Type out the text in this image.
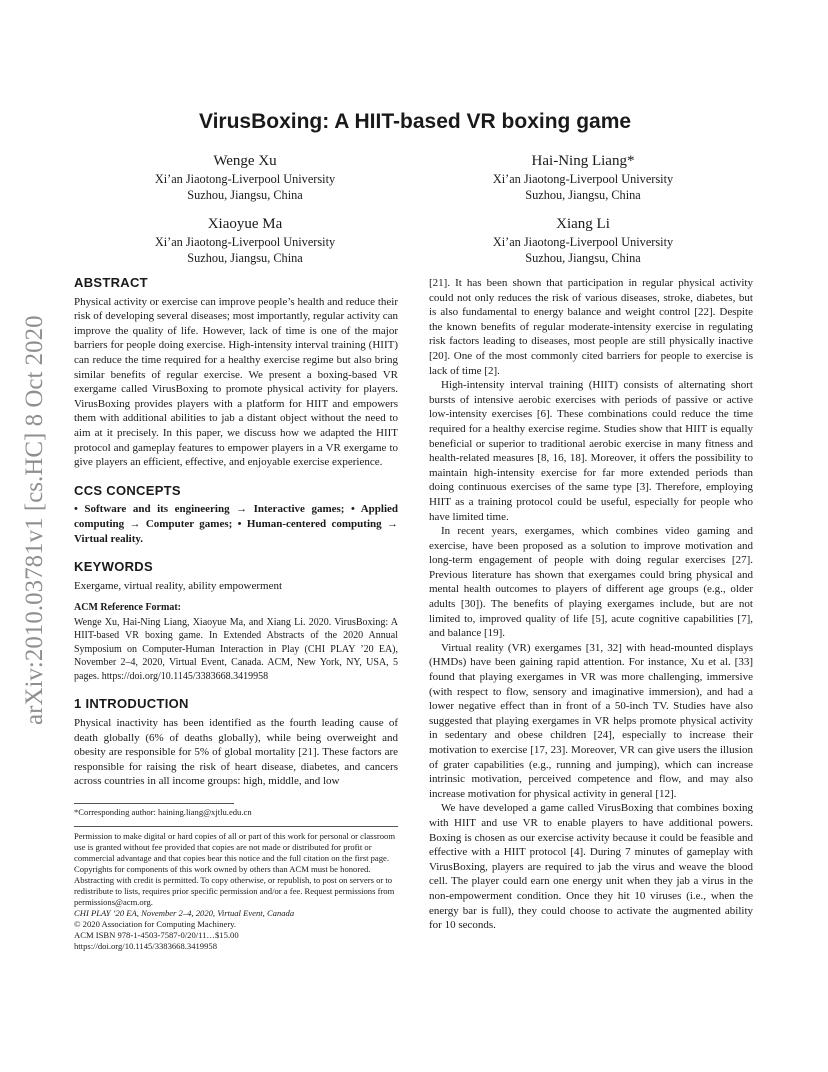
arXiv:2010.03781v1 [cs.HC] 8 Oct 2020
VirusBoxing: A HIIT-based VR boxing game
Wenge Xu
Xi’an Jiaotong-Liverpool University
Suzhou, Jiangsu, China
Hai-Ning Liang*
Xi’an Jiaotong-Liverpool University
Suzhou, Jiangsu, China
Xiaoyue Ma
Xi’an Jiaotong-Liverpool University
Suzhou, Jiangsu, China
Xiang Li
Xi’an Jiaotong-Liverpool University
Suzhou, Jiangsu, China
ABSTRACT

Physical activity or exercise can improve people’s health and reduce their risk of developing several diseases; most importantly, regular activity can improve the quality of life. However, lack of time is one of the major barriers for people doing exercise. High-intensity interval training (HIIT) can reduce the time required for a healthy exercise regime but also bring similar benefits of regular exercise. We present a boxing-based VR exergame called VirusBoxing to promote physical activity for players. VirusBoxing provides players with a platform for HIIT and empowers them with additional abilities to jab a distant object without the need to aim at it precisely. In this paper, we discuss how we adapted the HIIT protocol and gameplay features to empower players in a VR exergame to give players an efficient, effective, and enjoyable exercise experience.

CCS CONCEPTS

• Software and its engineering → Interactive games; • Applied computing → Computer games; • Human-centered computing → Virtual reality.

KEYWORDS

Exergame, virtual reality, ability empowerment

ACM Reference Format:

Wenge Xu, Hai-Ning Liang, Xiaoyue Ma, and Xiang Li. 2020. VirusBoxing: A HIIT-based VR boxing game. In Extended Abstracts of the 2020 Annual Symposium on Computer-Human Interaction in Play (CHI PLAY ’20 EA), November 2–4, 2020, Virtual Event, Canada. ACM, New York, NY, USA, 5 pages. https://doi.org/10.1145/3383668.3419958

1 INTRODUCTION

Physical inactivity has been identified as the fourth leading cause of death globally (6% of deaths globally), while being overweight and obesity are responsible for 5% of global mortality [21]. These factors are responsible for raising the risk of heart disease, diabetes, and cancers across countries in all income groups: high, middle, and low

*Corresponding author: haining.liang@xjtlu.edu.cn
Permission to make digital or hard copies of all or part of this work for personal or classroom use is granted without fee provided that copies are not made or distributed for profit or commercial advantage and that copies bear this notice and the full citation on the first page. Copyrights for components of this work owned by others than ACM must be honored. Abstracting with credit is permitted. To copy otherwise, or republish, to post on servers or to redistribute to lists, requires prior specific permission and/or a fee. Request permissions from permissions@acm.org.
CHI PLAY ’20 EA, November 2–4, 2020, Virtual Event, Canada
© 2020 Association for Computing Machinery.
ACM ISBN 978-1-4503-7587-0/20/11…$15.00
https://doi.org/10.1145/3383668.3419958

[21]. It has been shown that participation in regular physical activity could not only reduces the risk of various diseases, stroke, diabetes, but is also fundamental to energy balance and weight control [22]. Despite the known benefits of regular moderate-intensity exercise in regulating risk factors leading to diseases, most people are still physically inactive [20]. One of the most commonly cited barriers for people to exercise is lack of time [2].

High-intensity interval training (HIIT) consists of alternating short bursts of intensive aerobic exercises with periods of passive or active low-intensity exercises [6]. These combinations could reduce the time required for a healthy exercise regime. Studies show that HIIT is equally beneficial or superior to traditional aerobic exercise in many fitness and health-related measures [8, 16, 18]. Moreover, it offers the possibility to maintain high-intensity exercise for far more extended periods than doing continuous exercises of the same type [3]. Therefore, employing HIIT as a training protocol could be useful, especially for people who have limited time.

In recent years, exergames, which combines video gaming and exercise, have been proposed as a solution to improve motivation and long-term engagement of people with doing regular exercises [27]. Previous literature has shown that exergames could bring physical and mental health outcomes to players of different age groups (e.g., older adults [30]). The benefits of playing exergames include, but are not limited to, improved quality of life [5], acute cognitive capabilities [7], and balance [19].

Virtual reality (VR) exergames [31, 32] with head-mounted displays (HMDs) have been gaining rapid attention. For instance, Xu et al. [33] found that playing exergames in VR was more challenging, immersive (with respect to flow, sensory and imaginative immersion), and had a lower negative effect than in front of a 50-inch TV. Studies have also suggested that playing exergames in VR helps promote physical activity in sedentary and obese children [24], especially to increase their motivation to exercise [17, 23]. Moreover, VR can give users the illusion of grater capabilities (e.g., running and jumping), which can increase intrinsic motivation, perceived competence and flow, and may also increase motivation for physical activity in general [12].

We have developed a game called VirusBoxing that combines boxing with HIIT and use VR to enable players to have additional powers. Boxing is chosen as our exercise activity because it could be feasible and effective with a HIIT protocol [4]. During 7 minutes of gameplay with VirusBoxing, players are required to jab the virus and weave the blood cell. The player could earn one energy unit when they jab a virus in the non-empowerment condition. Once they hit 10 viruses (i.e., when the energy bar is full), they could choose to activate the augmented ability for 10 seconds.
